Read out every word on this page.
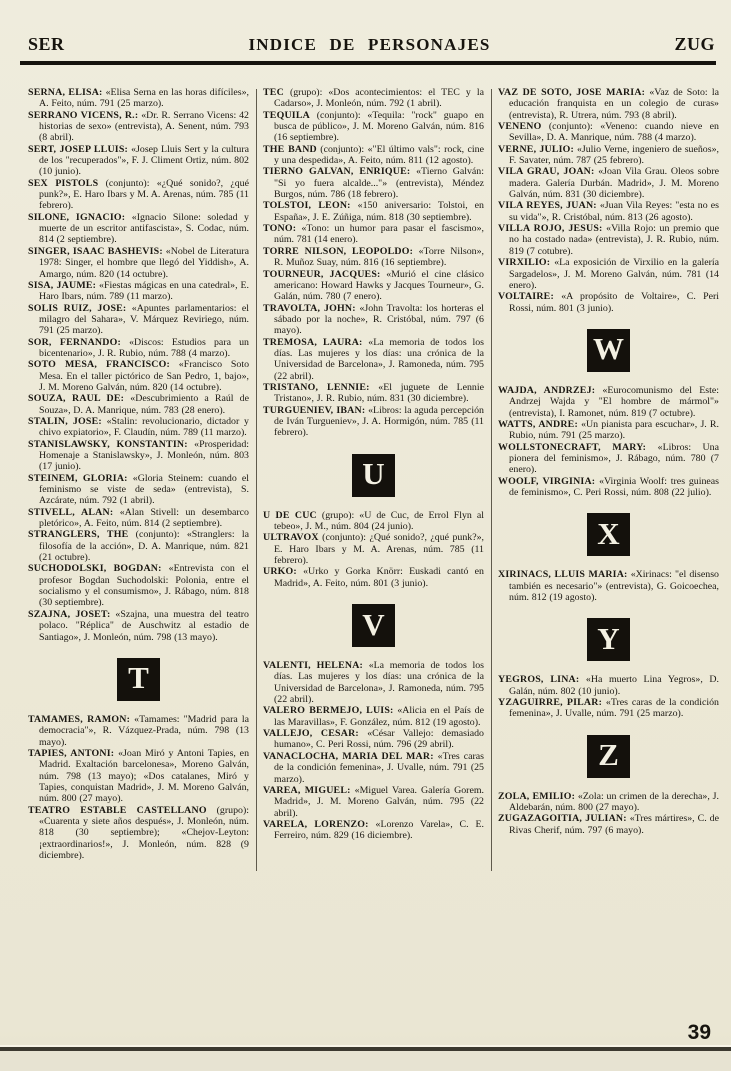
SER	INDICE DE PERSONAJES	ZUG

SERNA, ELISA: «Elisa Serna en las horas difíciles», A. Feito, núm. 791 (25 marzo).

SERRANO VICENS, R.: «Dr. R. Serrano Vicens: 42 historias de sexo» (entrevista), A. Senent, núm. 793 (8 abril).

SERT, JOSEP LLUIS: «Josep Lluis Sert y la cultura de los "recuperados"», F. J. Climent Ortiz, núm. 802 (10 junio).

SEX PISTOLS (conjunto): «¿Qué sonido?, ¿qué punk?», E. Haro Ibars y M. A. Arenas, núm. 785 (11 febrero).

SILONE, IGNACIO: «Ignacio Silone: soledad y muerte de un escritor antifascista», S. Codac, núm. 814 (2 septiembre).

SINGER, ISAAC BASHEVIS: «Nobel de Literatura 1978: Singer, el hombre que llegó del Yiddish», A. Amargo, núm. 820 (14 octubre).

SISA, JAUME: «Fiestas mágicas en una catedral», E. Haro Ibars, núm. 789 (11 marzo).

SOLIS RUIZ, JOSE: «Apuntes parlamentarios: el milagro del Sahara», V. Márquez Reviriego, núm. 791 (25 marzo).

SOR, FERNANDO: «Discos: Estudios para un bicentenario», J. R. Rubio, núm. 788 (4 marzo).

SOTO MESA, FRANCISCO: «Francisco Soto Mesa. En el taller pictórico de San Pedro, 1, bajo», J. M. Moreno Galván, núm. 820 (14 octubre).

SOUZA, RAUL DE: «Descubrimiento a Raúl de Souza», D. A. Manrique, núm. 783 (28 enero).

STALIN, JOSE: «Stalin: revolucionario, dictador y chivo expiatorio», F. Claudín, núm. 789 (11 marzo).

STANISLAWSKY, KONSTANTIN: «Prosperidad: Homenaje a Stanislawsky», J. Monleón, núm. 803 (17 junio).

STEINEM, GLORIA: «Gloria Steinem: cuando el feminismo se viste de seda» (entrevista), S. Azcárate, núm. 792 (1 abril).

STIVELL, ALAN: «Alan Stivell: un desembarco pletórico», A. Feito, núm. 814 (2 septiembre).

STRANGLERS, THE (conjunto): «Stranglers: la filosofía de la acción», D. A. Manrique, núm. 821 (21 octubre).

SUCHODOLSKI, BOGDAN: «Entrevista con el profesor Bogdan Suchodolski: Polonia, entre el socialismo y el consumismo», J. Rábago, núm. 818 (30 septiembre).

SZAJNA, JOSET: «Szajna, una muestra del teatro polaco. "Réplica" de Auschwitz al estadio de Santiago», J. Monleón, núm. 798 (13 mayo).

T

TAMAMES, RAMON: «Tamames: "Madrid para la democracia"», R. Vázquez-Prada, núm. 798 (13 mayo).

TAPIES, ANTONI: «Joan Miró y Antoni Tapies, en Madrid. Exaltación barcelonesa», Moreno Galván, núm. 798 (13 mayo); «Dos catalanes, Miró y Tapies, conquistan Madrid», J. M. Moreno Galván, núm. 800 (27 mayo).

TEATRO ESTABLE CASTELLANO (grupo): «Cuarenta y siete años después», J. Monleón, núm. 818 (30 septiembre); «Chejov-Leyton: ¡extraordinarios!», J. Monleón, núm. 828 (9 diciembre).

TEC (grupo): «Dos acontecimientos: el TEC y la Cadarso», J. Monleón, núm. 792 (1 abril).

TEQUILA (conjunto): «Tequila: "rock" guapo en busca de público», J. M. Moreno Galván, núm. 816 (16 septiembre).

THE BAND (conjunto): «"El último vals": rock, cine y una despedida», A. Feito, núm. 811 (12 agosto).

TIERNO GALVAN, ENRIQUE: «Tierno Galván: "Si yo fuera alcalde..."» (entrevista), Méndez Burgos, núm. 786 (18 febrero).

TOLSTOI, LEON: «150 aniversario: Tolstoi, en España», J. E. Zúñiga, núm. 818 (30 septiembre).

TONO: «Tono: un humor para pasar el fascismo», núm. 781 (14 enero).

TORRE NILSON, LEOPOLDO: «Torre Nilson», R. Muñoz Suay, núm. 816 (16 septiembre).

TOURNEUR, JACQUES: «Murió el cine clásico americano: Howard Hawks y Jacques Tourneur», G. Galán, núm. 780 (7 enero).

TRAVOLTA, JOHN: «John Travolta: los horteras el sábado por la noche», R. Cristóbal, núm. 797 (6 mayo).

TREMOSA, LAURA: «La memoria de todos los días. Las mujeres y los días: una crónica de la Universidad de Barcelona», J. Ramoneda, núm. 795 (22 abril).

TRISTANO, LENNIE: «El juguete de Lennie Tristano», J. R. Rubio, núm. 831 (30 diciembre).

TURGUENIEV, IBAN: «Libros: la aguda percepción de Iván Turgueniev», J. A. Hormigón, núm. 785 (11 febrero).

U

U DE CUC (grupo): «U de Cuc, de Errol Flyn al tebeo», J. M., núm. 804 (24 junio).

ULTRAVOX (conjunto): ¿Qué sonido?, ¿qué punk?», E. Haro Ibars y M. A. Arenas, núm. 785 (11 febrero).

URKO: «Urko y Gorka Knörr: Euskadi cantó en Madrid», A. Feito, núm. 801 (3 junio).

V

VALENTI, HELENA: «La memoria de todos los días. Las mujeres y los días: una crónica de la Universidad de Barcelona», J. Ramoneda, núm. 795 (22 abril).

VALERO BERMEJO, LUIS: «Alicia en el País de las Maravillas», F. González, núm. 812 (19 agosto).

VALLEJO, CESAR: «César Vallejo: demasiado humano», C. Peri Rossi, núm. 796 (29 abril).

VANACLOCHA, MARIA DEL MAR: «Tres caras de la condición femenina», J. Uvalle, núm. 791 (25 marzo).

VAREA, MIGUEL: «Miguel Varea. Galería Gorem. Madrid», J. M. Moreno Galván, núm. 795 (22 abril).

VARELA, LORENZO: «Lorenzo Varela», C. E. Ferreiro, núm. 829 (16 diciembre).

VAZ DE SOTO, JOSE MARIA: «Vaz de Soto: la educación franquista en un colegio de curas» (entrevista), R. Utrera, núm. 793 (8 abril).

VENENO (conjunto): «Veneno: cuando nieve en Sevilla», D. A. Manrique, núm. 788 (4 marzo).

VERNE, JULIO: «Julio Verne, ingeniero de sueños», F. Savater, núm. 787 (25 febrero).

VILA GRAU, JOAN: «Joan Vila Grau. Oleos sobre madera. Galería Durbán. Madrid», J. M. Moreno Galván, núm. 831 (30 diciembre).

VILA REYES, JUAN: «Juan Vila Reyes: "esta no es su vida"», R. Cristóbal, núm. 813 (26 agosto).

VILLA ROJO, JESUS: «Villa Rojo: un premio que no ha costado nada» (entrevista), J. R. Rubio, núm. 819 (7 cotubre).

VIRXILIO: «La exposición de Virxilio en la galería Sargadelos», J. M. Moreno Galván, núm. 781 (14 enero).

VOLTAIRE: «A propósito de Voltaire», C. Peri Rossi, núm. 801 (3 junio).

W

WAJDA, ANDRZEJ: «Eurocomunismo del Este: Andrzej Wajda y "El hombre de mármol"» (entrevista), I. Ramonet, núm. 819 (7 octubre).

WATTS, ANDRE: «Un pianista para escuchar», J. R. Rubio, núm. 791 (25 marzo).

WOLLSTONECRAFT, MARY: «Libros: Una pionera del feminismo», J. Rábago, núm. 780 (7 enero).

WOOLF, VIRGINIA: «Virginia Woolf: tres guineas de feminismo», C. Peri Rossi, núm. 808 (22 julio).

X

XIRINACS, LLUIS MARIA: «Xirinacs: "el disenso también es necesario"» (entrevista), G. Goicoechea, núm. 812 (19 agosto).

Y

YEGROS, LINA: «Ha muerto Lina Yegros», D. Galán, núm. 802 (10 junio).

YZAGUIRRE, PILAR: «Tres caras de la condición femenina», J. Uvalle, núm. 791 (25 marzo).

Z

ZOLA, EMILIO: «Zola: un crimen de la derecha», J. Aldebarán, núm. 800 (27 mayo).

ZUGAZAGOITIA, JULIAN: «Tres mártires», C. de Rivas Cherif, núm. 797 (6 mayo).

39
